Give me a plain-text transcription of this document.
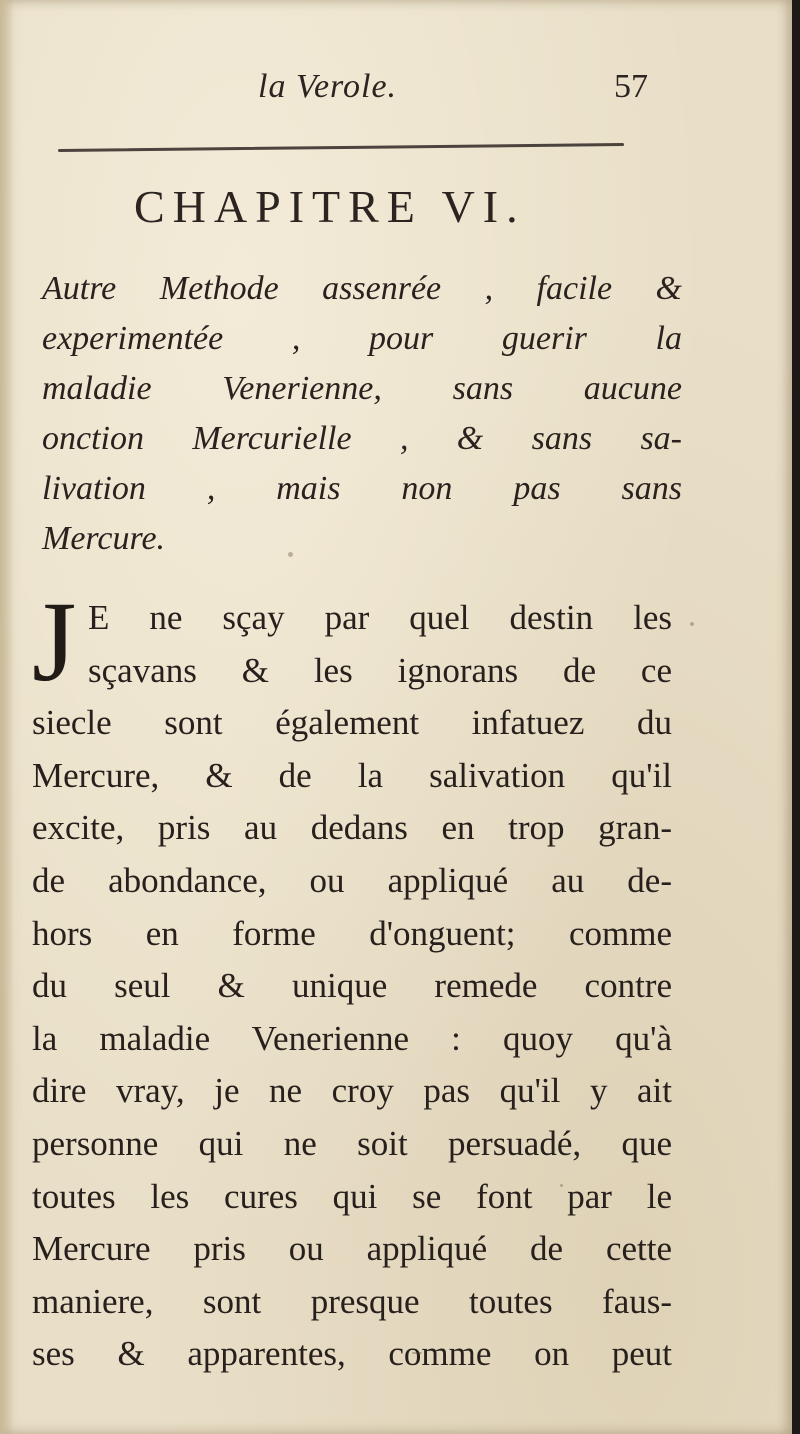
la Verole.	57
CHAPITRE VI.
Autre Methode assenrée , facile &
experimentée , pour guerir la
maladie Venerienne, sans aucune
onction Mercurielle , & sans sa-
livation , mais non pas sans
Mercure.
J E ne sçay par quel destin les
sçavans & les ignorans de ce
siecle sont également infatuez du
Mercure, & de la salivation qu'il
excite, pris au dedans en trop gran-
de abondance, ou appliqué au de-
hors en forme d'onguent; comme
du seul & unique remede contre
la maladie Venerienne : quoy qu'à
dire vray, je ne croy pas qu'il y ait
personne qui ne soit persuadé, que
toutes les cures qui se font par le
Mercure pris ou appliqué de cette
maniere, sont presque toutes faus-
ses & apparentes, comme on peut
